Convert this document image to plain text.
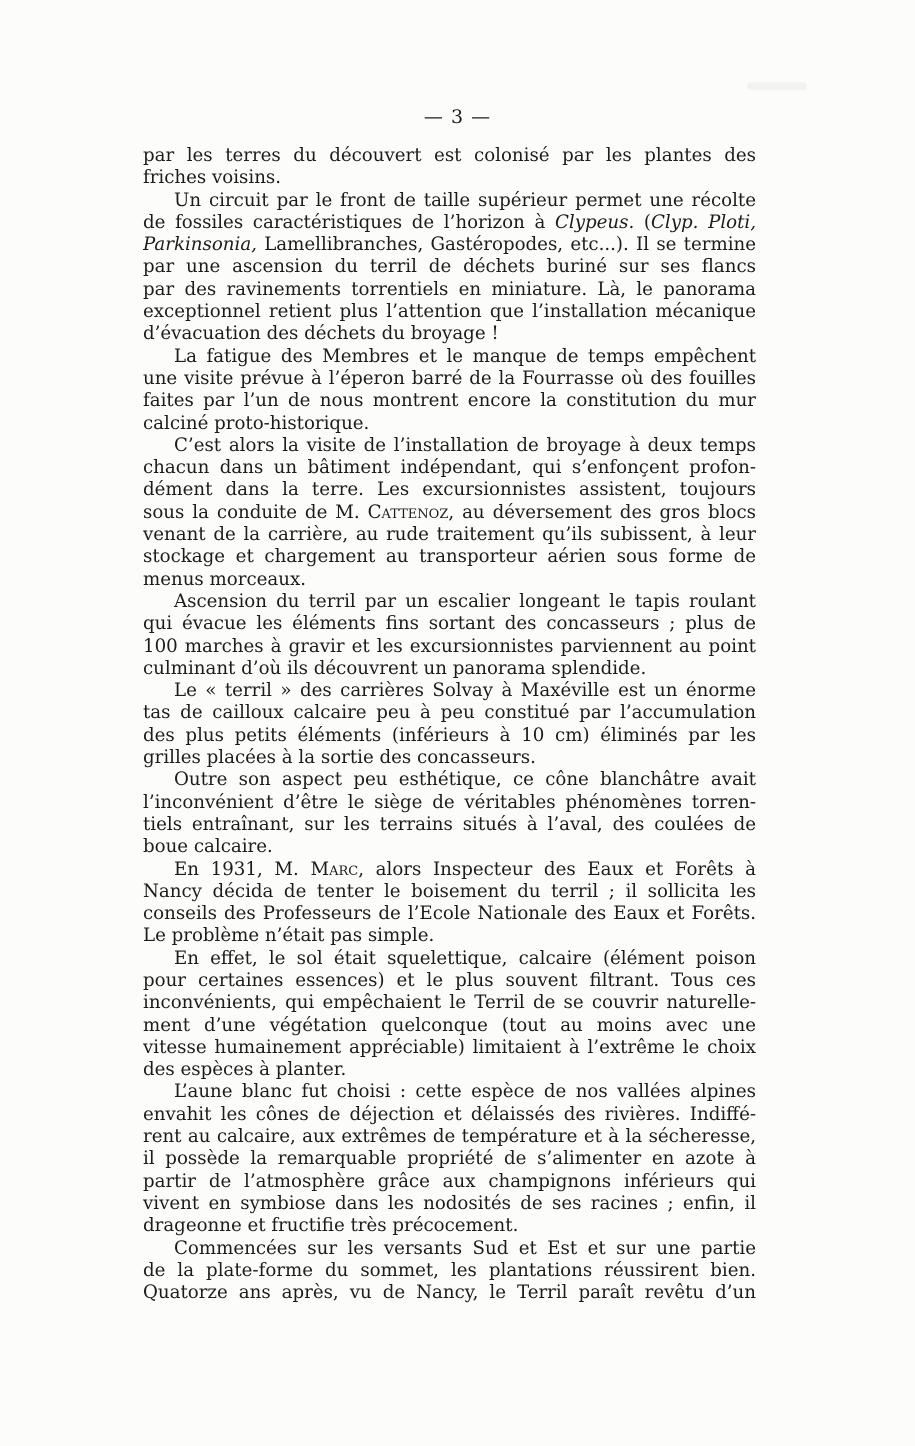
— 3 —
par les terres du découvert est colonisé par les plantes des
friches voisins.
Un circuit par le front de taille supérieur permet une récolte
de fossiles caractéristiques de l’horizon à Clypeus. (Clyp. Ploti,
Parkinsonia, Lamellibranches, Gastéropodes, etc...). Il se termine
par une ascension du terril de déchets buriné sur ses flancs
par des ravinements torrentiels en miniature. Là, le panorama
exceptionnel retient plus l’attention que l’installation mécanique
d’évacuation des déchets du broyage !
La fatigue des Membres et le manque de temps empêchent
une visite prévue à l’éperon barré de la Fourrasse où des fouilles
faites par l’un de nous montrent encore la constitution du mur
calciné proto-historique.
C’est alors la visite de l’installation de broyage à deux temps
chacun dans un bâtiment indépendant, qui s’enfonçent profon-
dément dans la terre. Les excursionnistes assistent, toujours
sous la conduite de M. Cattenoz, au déversement des gros blocs
venant de la carrière, au rude traitement qu’ils subissent, à leur
stockage et chargement au transporteur aérien sous forme de
menus morceaux.
Ascension du terril par un escalier longeant le tapis roulant
qui évacue les éléments fins sortant des concasseurs ; plus de
100 marches à gravir et les excursionnistes parviennent au point
culminant d’où ils découvrent un panorama splendide.
Le « terril » des carrières Solvay à Maxéville est un énorme
tas de cailloux calcaire peu à peu constitué par l’accumulation
des plus petits éléments (inférieurs à 10 cm) éliminés par les
grilles placées à la sortie des concasseurs.
Outre son aspect peu esthétique, ce cône blanchâtre avait
l’inconvénient d’être le siège de véritables phénomènes torren-
tiels entraînant, sur les terrains situés à l’aval, des coulées de
boue calcaire.
En 1931, M. Marc, alors Inspecteur des Eaux et Forêts à
Nancy décida de tenter le boisement du terril ; il sollicita les
conseils des Professeurs de l’Ecole Nationale des Eaux et Forêts.
Le problème n’était pas simple.
En effet, le sol était squelettique, calcaire (élément poison
pour certaines essences) et le plus souvent filtrant. Tous ces
inconvénients, qui empêchaient le Terril de se couvrir naturelle-
ment d’une végétation quelconque (tout au moins avec une
vitesse humainement appréciable) limitaient à l’extrême le choix
des espèces à planter.
L’aune blanc fut choisi : cette espèce de nos vallées alpines
envahit les cônes de déjection et délaissés des rivières. Indiffé-
rent au calcaire, aux extrêmes de température et à la sécheresse,
il possède la remarquable propriété de s’alimenter en azote à
partir de l’atmosphère grâce aux champignons inférieurs qui
vivent en symbiose dans les nodosités de ses racines ; enfin, il
drageonne et fructifie très précocement.
Commencées sur les versants Sud et Est et sur une partie
de la plate-forme du sommet, les plantations réussirent bien.
Quatorze ans après, vu de Nancy, le Terril paraît revêtu d’un
